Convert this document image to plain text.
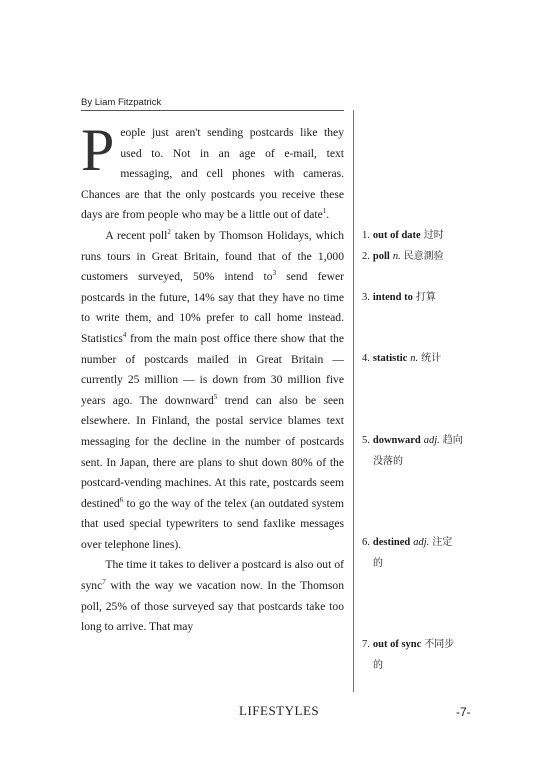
By Liam Fitzpatrick

People just aren't sending postcards like they used to. Not in an age of e-mail, text messaging, and cell phones with cameras. Chances are that the only postcards you receive these days are from people who may be a little out of date$^1$.

A recent poll$^2$ taken by Thomson Holidays, which runs tours in Great Britain, found that of the 1,000 customers surveyed, 50% intend $to^3$ send fewer postcards in the future, 14% say that they have no time to write them, and 10% prefer to call home instead. Statistics$^4$ from the main post office there show that the number of postcards mailed in Great Britain — currently 25 million — is down from 30 million five years ago. The downward$^5$ trend can also be seen elsewhere. In Finland, the postal service blames text messaging for the decline in the number of postcards sent. In Japan, there are plans to shut down 80% of the postcard-vending machines. At this rate, postcards seem destined$^6$ to go the way of the telex (an outdated system that used special typewriters to send faxlike messages over telephone lines).

The time it takes to deliver a postcard is also out of sync$^7$ with the way we vacation now. In the Thomson poll, 25% of those surveyed say that postcards take too long to arrive. That may

1. out of date 过时
2. poll n. 民意測验
3. intend to 打算
4. statistic n. 统计
5. downward adj. 趋向
没落的
6. destined adj. 注定
的
7. out of sync 不同步
的
LIFESTYLES	-7-
